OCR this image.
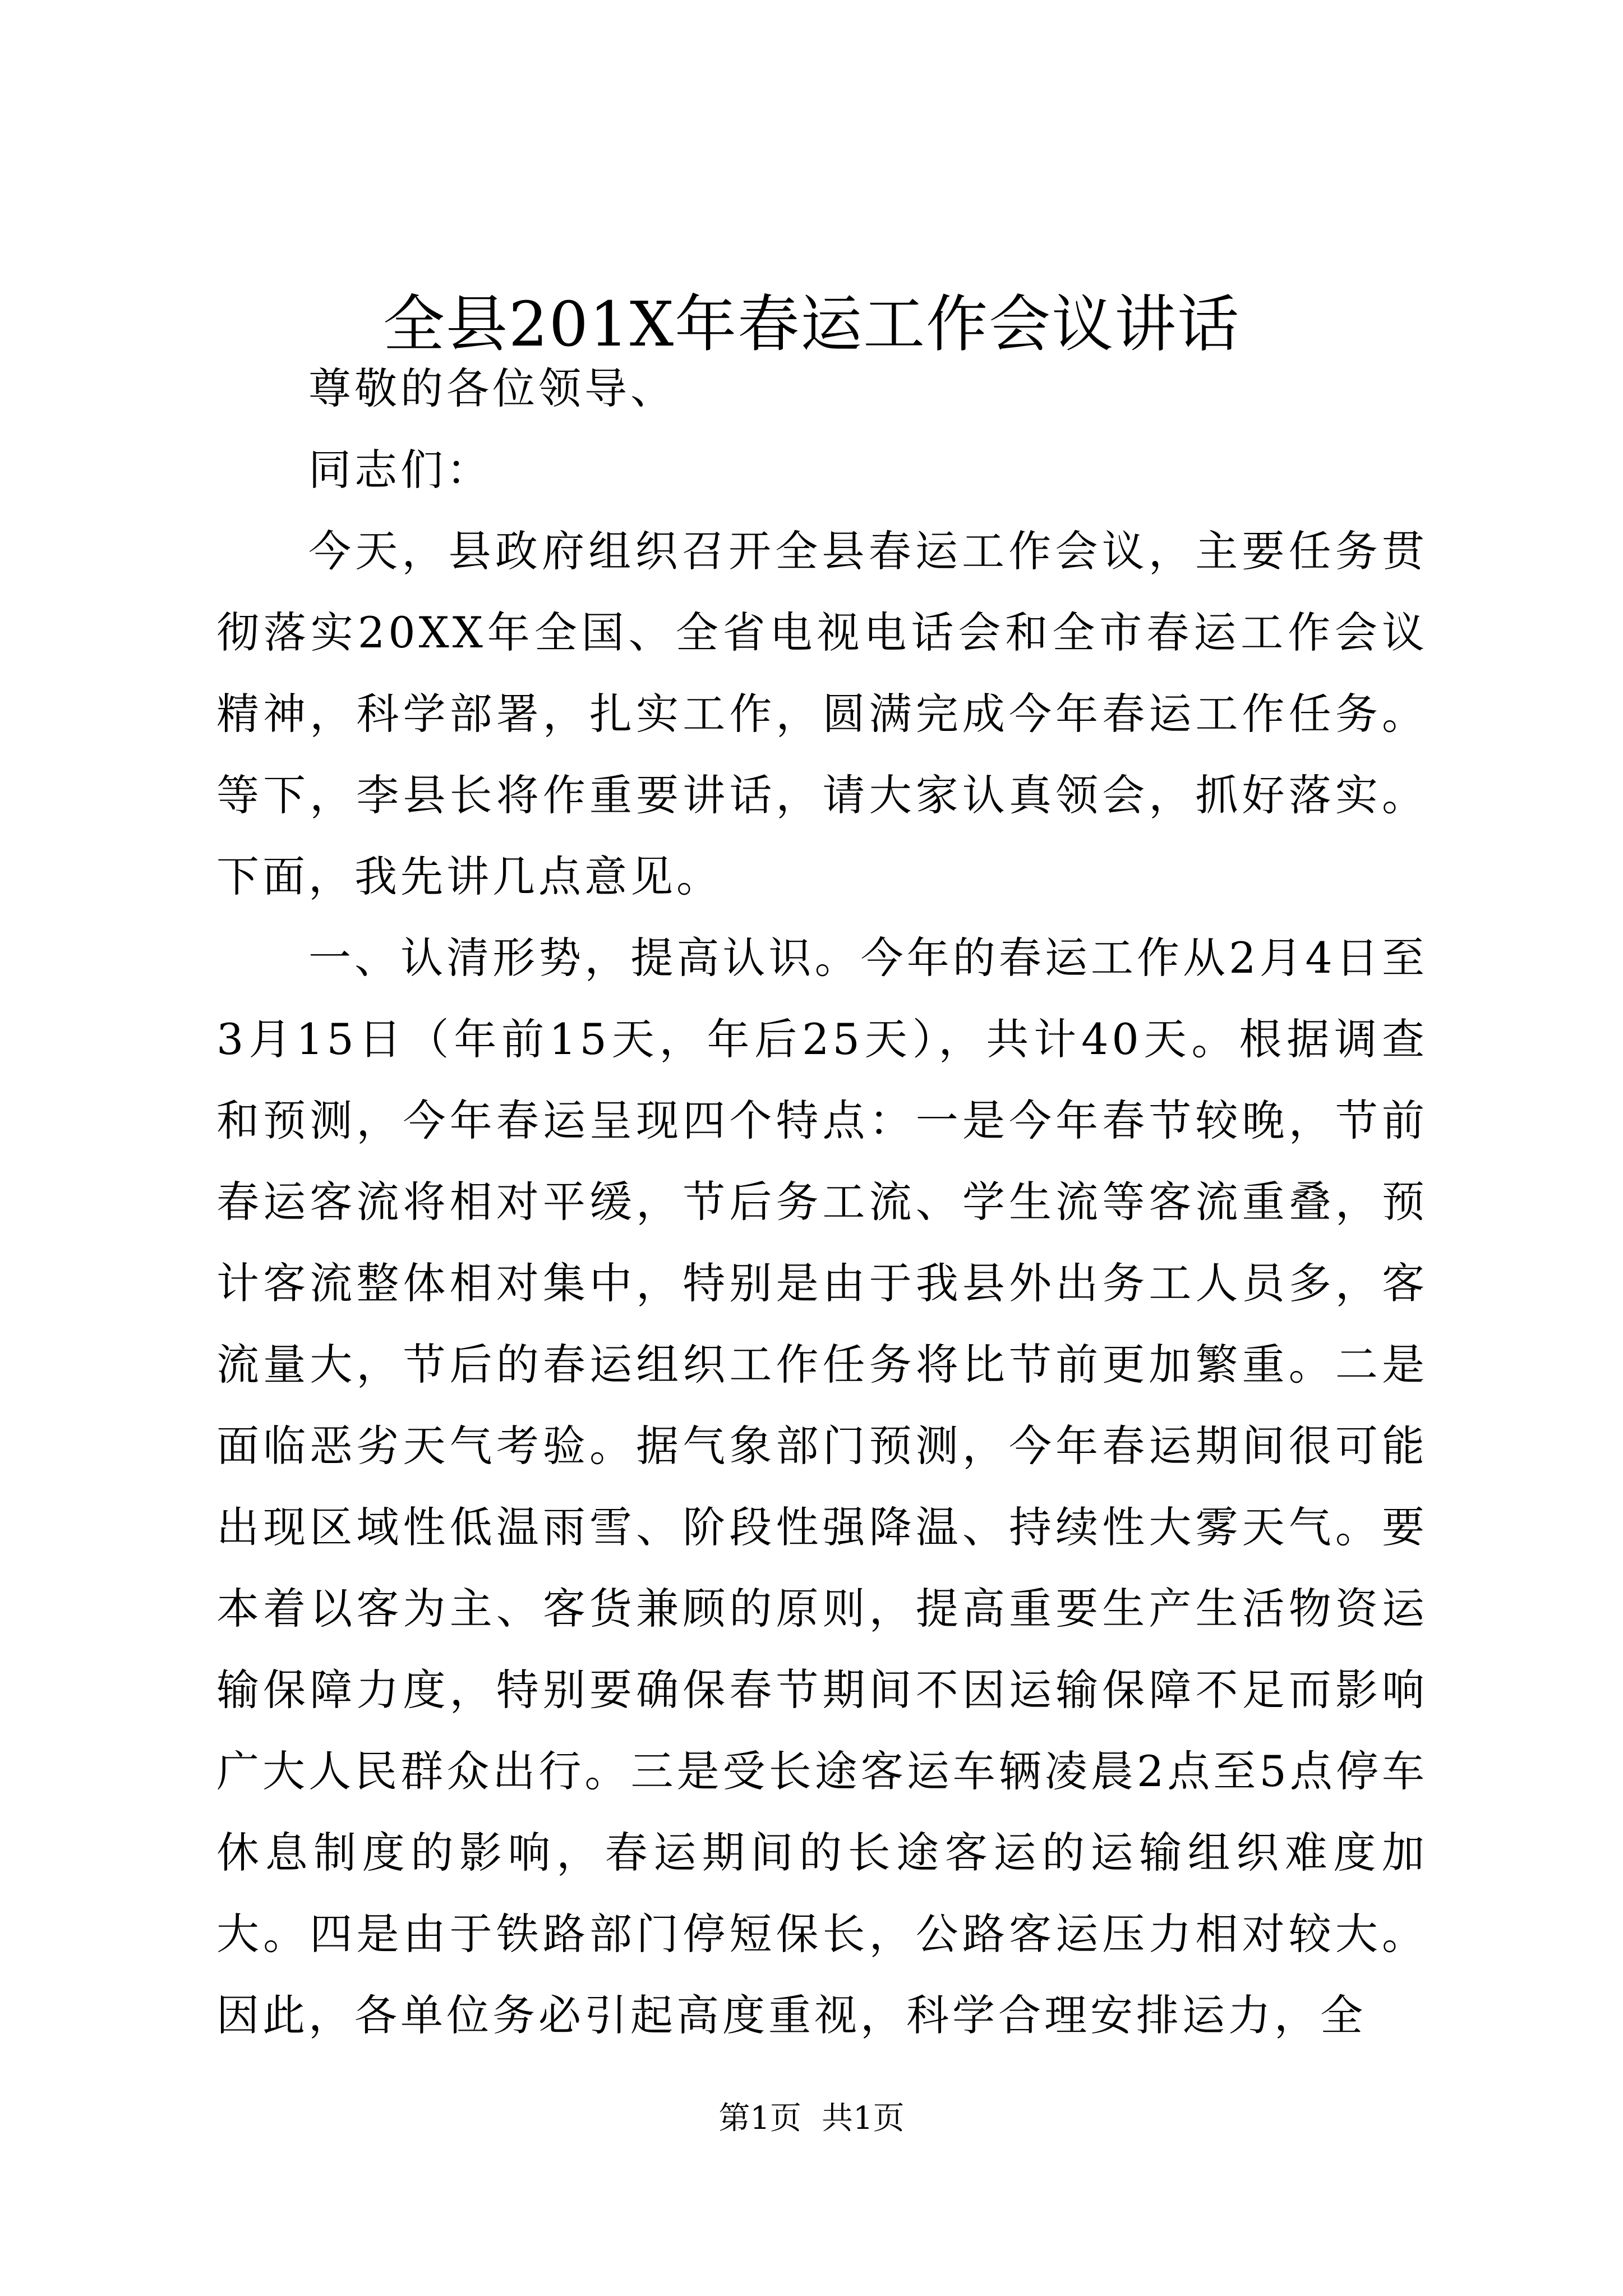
全县201X年春运工作会议讲话

尊敬的各位领导、

同志们：

今天，县政府组织召开全县春运工作会议，主要任务贯彻落实20XX年全国、全省电视电话会和全市春运工作会议精神，科学部署，扎实工作，圆满完成今年春运工作任务。等下，李县长将作重要讲话，请大家认真领会，抓好落实。下面，我先讲几点意见。

一、认清形势，提高认识。今年的春运工作从2月4日至3月15日（年前15天，年后25天），共计40天。根据调查和预测，今年春运呈现四个特点：一是今年春节较晚，节前春运客流将相对平缓，节后务工流、学生流等客流重叠，预计客流整体相对集中，特别是由于我县外出务工人员多，客流量大，节后的春运组织工作任务将比节前更加繁重。二是面临恶劣天气考验。据气象部门预测，今年春运期间很可能出现区域性低温雨雪、阶段性强降温、持续性大雾天气。要本着以客为主、客货兼顾的原则，提高重要生产生活物资运输保障力度，特别要确保春节期间不因运输保障不足而影响广大人民群众出行。三是受长途客运车辆凌晨2点至5点停车休息制度的影响，春运期间的长途客运的运输组织难度加大。四是由于铁路部门停短保长，公路客运压力相对较大。因此，各单位务必引起高度重视，科学合理安排运力，全

第1页 共1页
